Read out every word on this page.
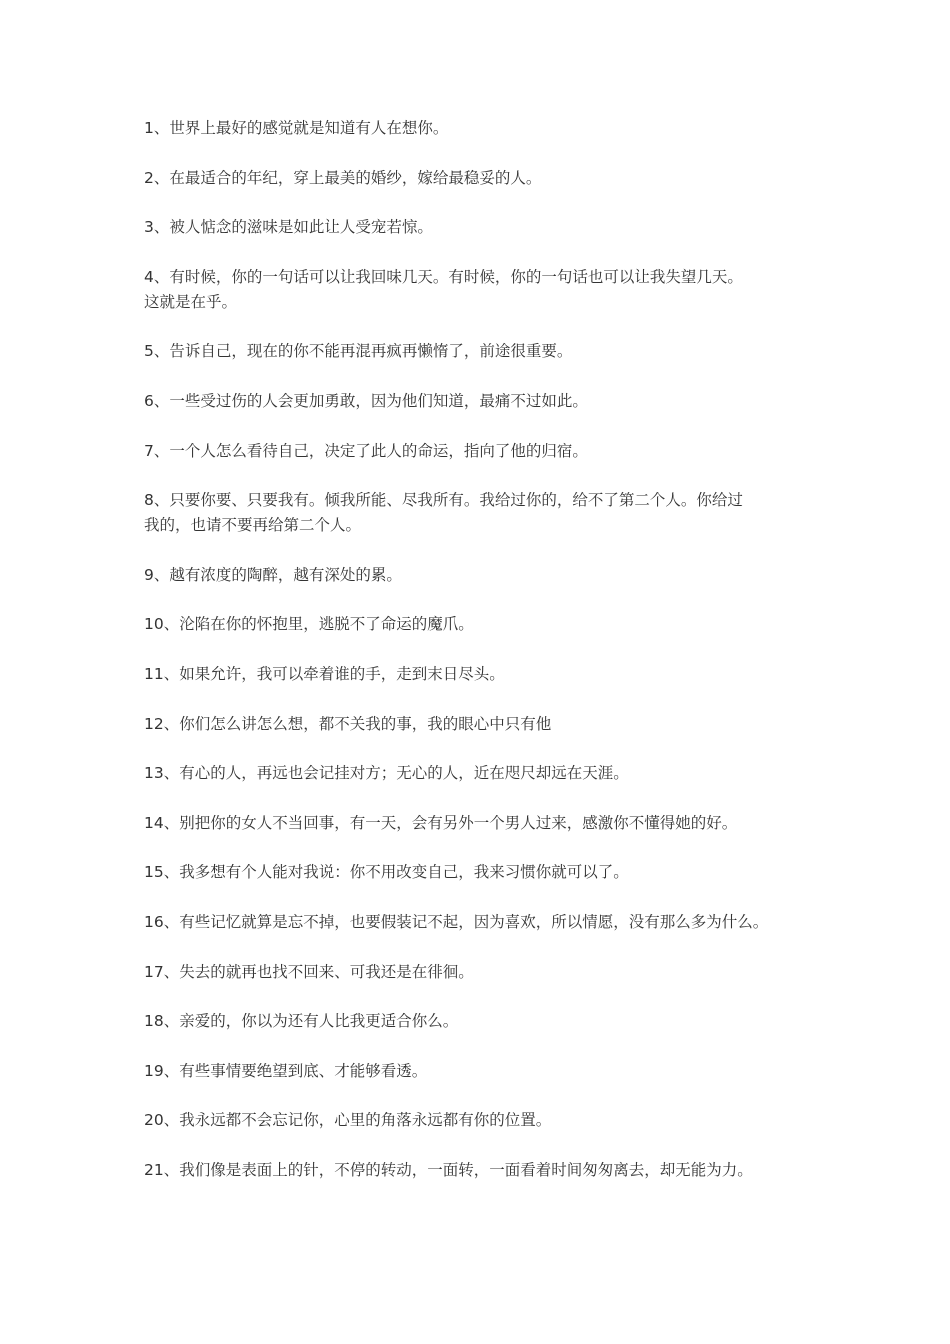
1、世界上最好的感觉就是知道有人在想你。

2、在最适合的年纪，穿上最美的婚纱，嫁给最稳妥的人。

3、被人惦念的滋味是如此让人受宠若惊。

4、有时候，你的一句话可以让我回味几天。有时候，你的一句话也可以让我失望几天。
这就是在乎。

5、告诉自己，现在的你不能再混再疯再懒惰了，前途很重要。

6、一些受过伤的人会更加勇敢，因为他们知道，最痛不过如此。

7、一个人怎么看待自己，决定了此人的命运，指向了他的归宿。

8、只要你要、只要我有。倾我所能、尽我所有。我给过你的，给不了第二个人。你给过
我的，也请不要再给第二个人。

9、越有浓度的陶醉，越有深处的累。

10、沦陷在你的怀抱里，逃脱不了命运的魔爪。

11、如果允许，我可以牵着谁的手，走到末日尽头。

12、你们怎么讲怎么想，都不关我的事，我的眼心中只有他

13、有心的人，再远也会记挂对方；无心的人，近在咫尺却远在天涯。

14、别把你的女人不当回事，有一天，会有另外一个男人过来，感激你不懂得她的好。

15、我多想有个人能对我说：你不用改变自己，我来习惯你就可以了。

16、有些记忆就算是忘不掉，也要假装记不起，因为喜欢，所以情愿，没有那么多为什么。

17、失去的就再也找不回来、可我还是在徘徊。

18、亲爱的，你以为还有人比我更适合你么。

19、有些事情要绝望到底、才能够看透。

20、我永远都不会忘记你，心里的角落永远都有你的位置。

21、我们像是表面上的针，不停的转动，一面转，一面看着时间匆匆离去，却无能为力。
